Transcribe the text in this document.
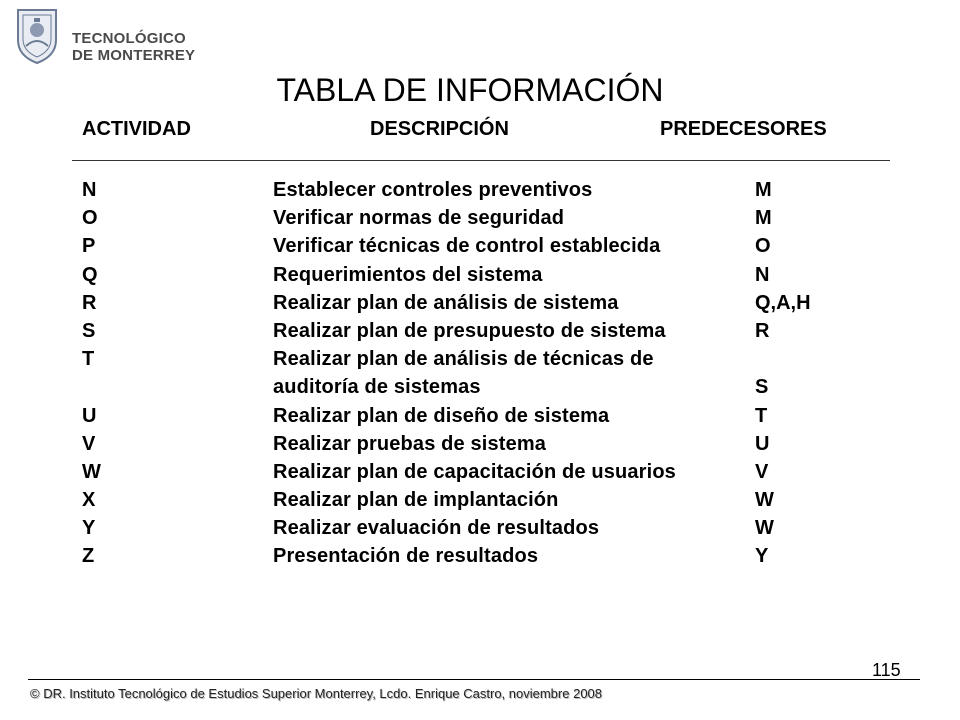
TECNOLÓGICO
DE MONTERREY
TABLA DE INFORMACIÓN
ACTIVIDAD	DESCRIPCIÓN	PREDECESORES
N	Establecer controles preventivos	M
O	Verificar normas de seguridad	M
P	Verificar técnicas de control establecida	O
Q	Requerimientos del sistema	N
R	Realizar plan de análisis de sistema	Q,A,H
S	Realizar plan de presupuesto de sistema	R
T	Realizar plan de análisis de técnicas de auditoría de sistemas	S
U	Realizar plan de diseño de sistema	T
V	Realizar pruebas de sistema	U
W	Realizar plan de capacitación de usuarios	V
X	Realizar plan de implantación	W
Y	Realizar evaluación de resultados	W
Z	Presentación de resultados	Y
115
© DR. Instituto Tecnológico de Estudios Superior Monterrey, Lcdo. Enrique Castro, noviembre 2008
